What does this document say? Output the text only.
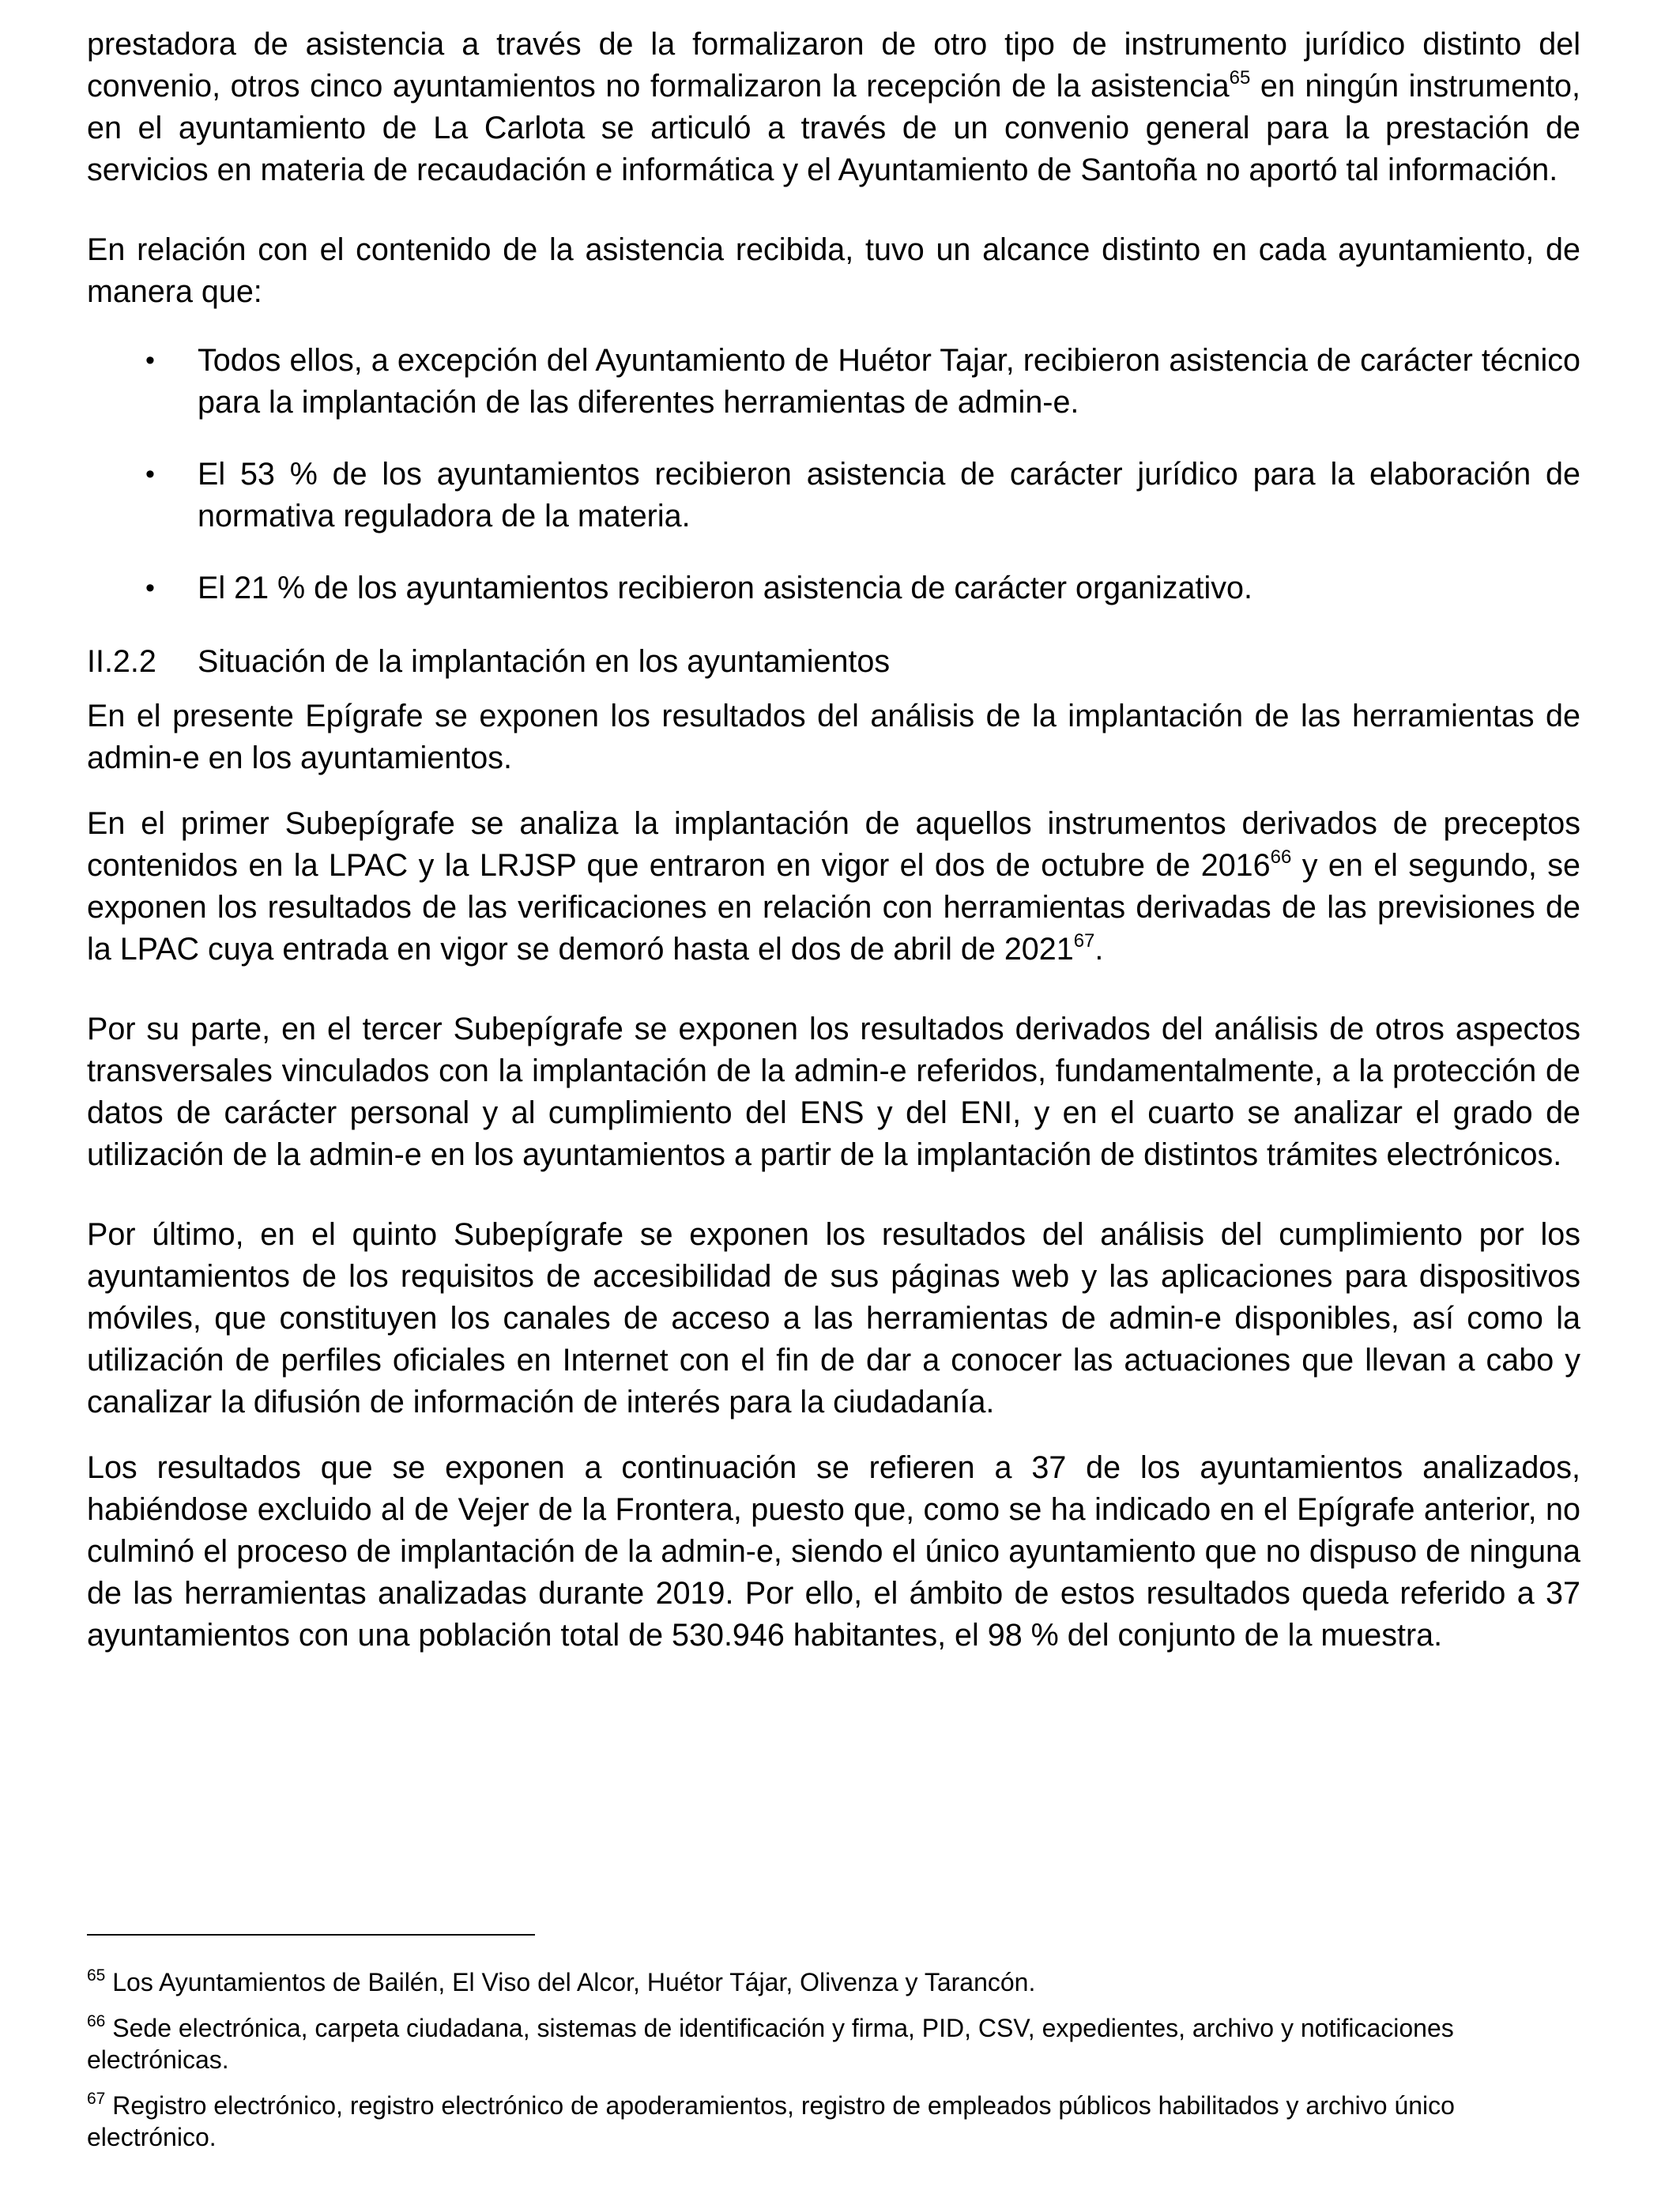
prestadora de asistencia a través de la formalizaron de otro tipo de instrumento jurídico distinto del convenio, otros cinco ayuntamientos no formalizaron la recepción de la asistencia$^{65}$ en ningún instrumento, en el ayuntamiento de La Carlota se articuló a través de un convenio general para la prestación de servicios en materia de recaudación e informática y el Ayuntamiento de Santoña no aportó tal información.

En relación con el contenido de la asistencia recibida, tuvo un alcance distinto en cada ayuntamiento, de manera que:

• Todos ellos, a excepción del Ayuntamiento de Huétor Tajar, recibieron asistencia de carácter técnico para la implantación de las diferentes herramientas de admin-e.
• El 53 % de los ayuntamientos recibieron asistencia de carácter jurídico para la elaboración de normativa reguladora de la materia.
• El 21 % de los ayuntamientos recibieron asistencia de carácter organizativo.
II.2.2	Situación de la implantación en los ayuntamientos

En el presente Epígrafe se exponen los resultados del análisis de la implantación de las herramientas de admin-e en los ayuntamientos.

En el primer Subepígrafe se analiza la implantación de aquellos instrumentos derivados de preceptos contenidos en la LPAC y la LRJSP que entraron en vigor el dos de octubre de 2016$^{66}$ y en el segundo, se exponen los resultados de las verificaciones en relación con herramientas derivadas de las previsiones de la LPAC cuya entrada en vigor se demoró hasta el dos de abril de 2021$^{67}$.

Por su parte, en el tercer Subepígrafe se exponen los resultados derivados del análisis de otros aspectos transversales vinculados con la implantación de la admin-e referidos, fundamentalmente, a la protección de datos de carácter personal y al cumplimiento del ENS y del ENI, y en el cuarto se analizar el grado de utilización de la admin-e en los ayuntamientos a partir de la implantación de distintos trámites electrónicos.

Por último, en el quinto Subepígrafe se exponen los resultados del análisis del cumplimiento por los ayuntamientos de los requisitos de accesibilidad de sus páginas web y las aplicaciones para dispositivos móviles, que constituyen los canales de acceso a las herramientas de admin-e disponibles, así como la utilización de perfiles oficiales en Internet con el fin de dar a conocer las actuaciones que llevan a cabo y canalizar la difusión de información de interés para la ciudadanía.

Los resultados que se exponen a continuación se refieren a 37 de los ayuntamientos analizados, habiéndose excluido al de Vejer de la Frontera, puesto que, como se ha indicado en el Epígrafe anterior, no culminó el proceso de implantación de la admin-e, siendo el único ayuntamiento que no dispuso de ninguna de las herramientas analizadas durante 2019. Por ello, el ámbito de estos resultados queda referido a 37 ayuntamientos con una población total de 530.946 habitantes, el 98 % del conjunto de la muestra.

$^{65}$ Los Ayuntamientos de Bailén, El Viso del Alcor, Huétor Tájar, Olivenza y Tarancón.

$^{66}$ Sede electrónica, carpeta ciudadana, sistemas de identificación y firma, PID, CSV, expedientes, archivo y notificaciones electrónicas.

$^{67}$ Registro electrónico, registro electrónico de apoderamientos, registro de empleados públicos habilitados y archivo único electrónico.
